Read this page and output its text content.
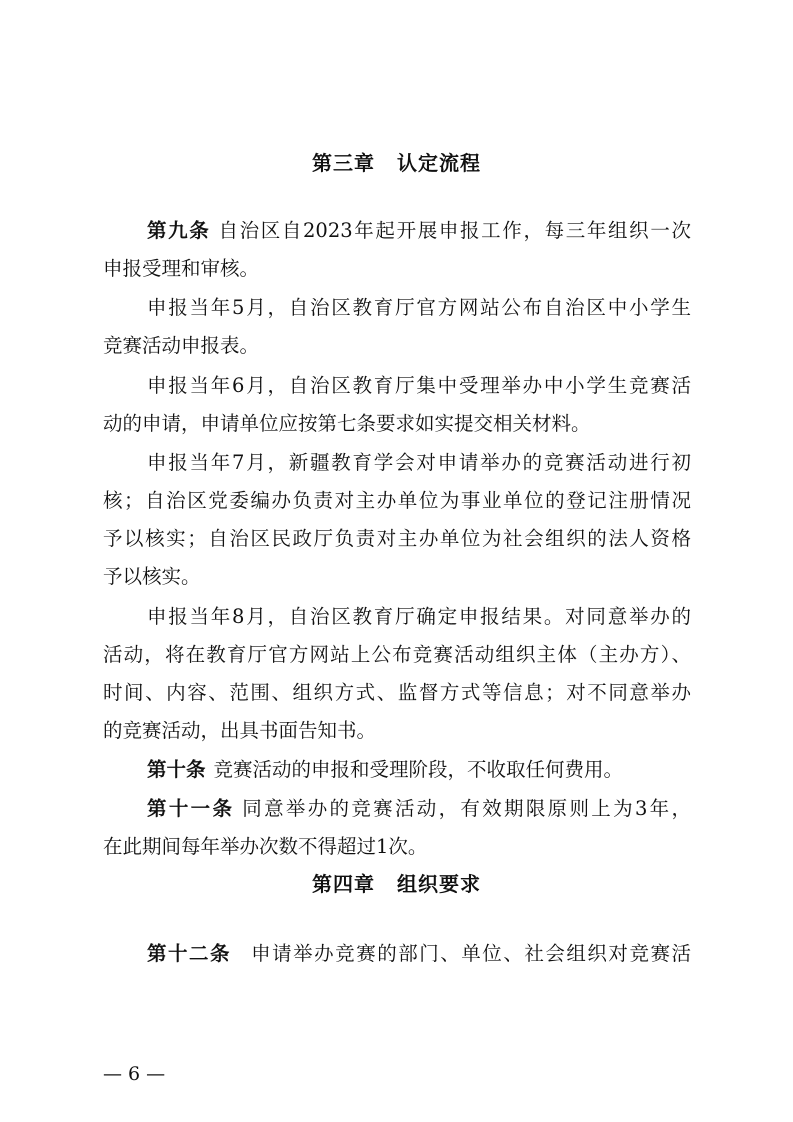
第三章 认定流程

第九条 自治区自2023年起开展申报工作，每三年组织一次

申报受理和审核。

申报当年5月，自治区教育厅官方网站公布自治区中小学生

竞赛活动申报表。

申报当年6月，自治区教育厅集中受理举办中小学生竞赛活

动的申请，申请单位应按第七条要求如实提交相关材料。

申报当年7月，新疆教育学会对申请举办的竞赛活动进行初

核；自治区党委编办负责对主办单位为事业单位的登记注册情况

予以核实；自治区民政厅负责对主办单位为社会组织的法人资格

予以核实。

申报当年8月，自治区教育厅确定申报结果。对同意举办的

活动，将在教育厅官方网站上公布竞赛活动组织主体（主办方）、

时间、内容、范围、组织方式、监督方式等信息；对不同意举办

的竞赛活动，出具书面告知书。

第十条 竞赛活动的申报和受理阶段，不收取任何费用。

第十一条 同意举办的竞赛活动，有效期限原则上为3年，

在此期间每年举办次数不得超过1次。

第四章 组织要求

第十二条 申请举办竞赛的部门、单位、社会组织对竞赛活

— 6 —
